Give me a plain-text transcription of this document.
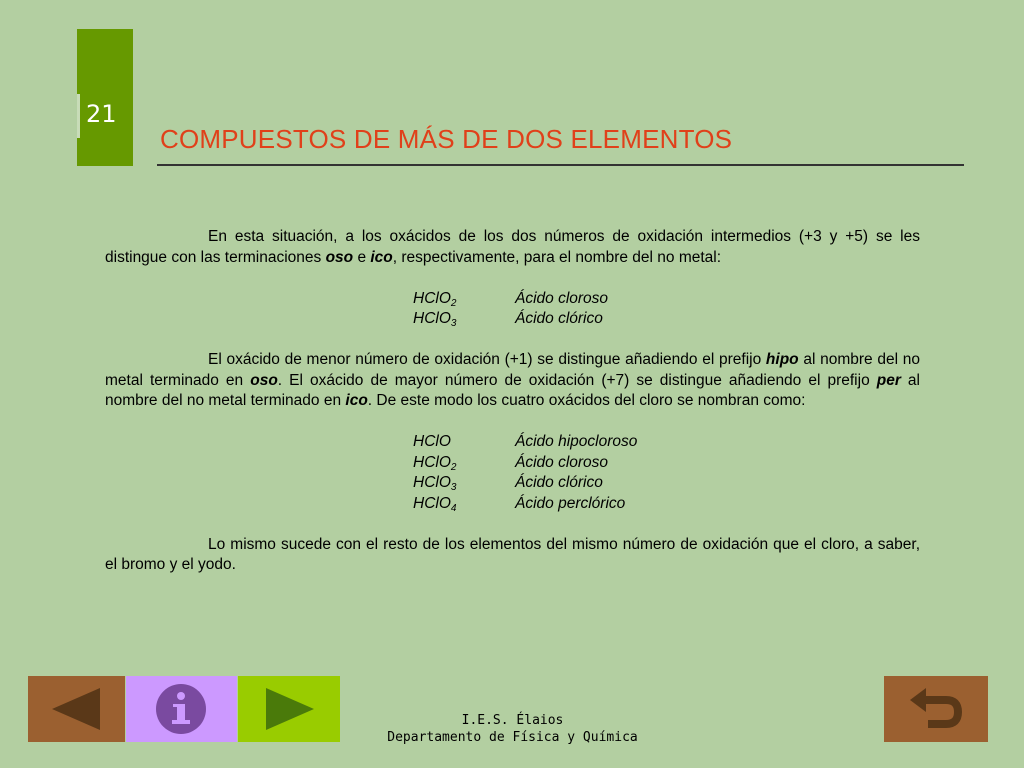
21
COMPUESTOS DE MÁS DE DOS ELEMENTOS

En esta situación, a los oxácidos de los dos números de oxidación intermedios (+3 y +5) se les distingue con las terminaciones oso e ico, respectivamente, para el nombre del no metal:

HClO$_2$	Ácido cloroso
HClO$_3$	Ácido clórico

El oxácido de menor número de oxidación (+1) se distingue añadiendo el prefijo hipo al nombre del no metal terminado en oso. El oxácido de mayor número de oxidación (+7) se distingue añadiendo el prefijo per al nombre del no metal terminado en ico. De este modo los cuatro oxácidos del cloro se nombran como:

HClO	Ácido hipocloroso
HClO$_2$	Ácido cloroso
HClO$_3$	Ácido clórico
HClO$_4$	Ácido perclórico

Lo mismo sucede con el resto de los elementos del mismo número de oxidación que el cloro, a saber, el bromo y el yodo.

I.E.S. Élaios
Departamento de Física y Química
